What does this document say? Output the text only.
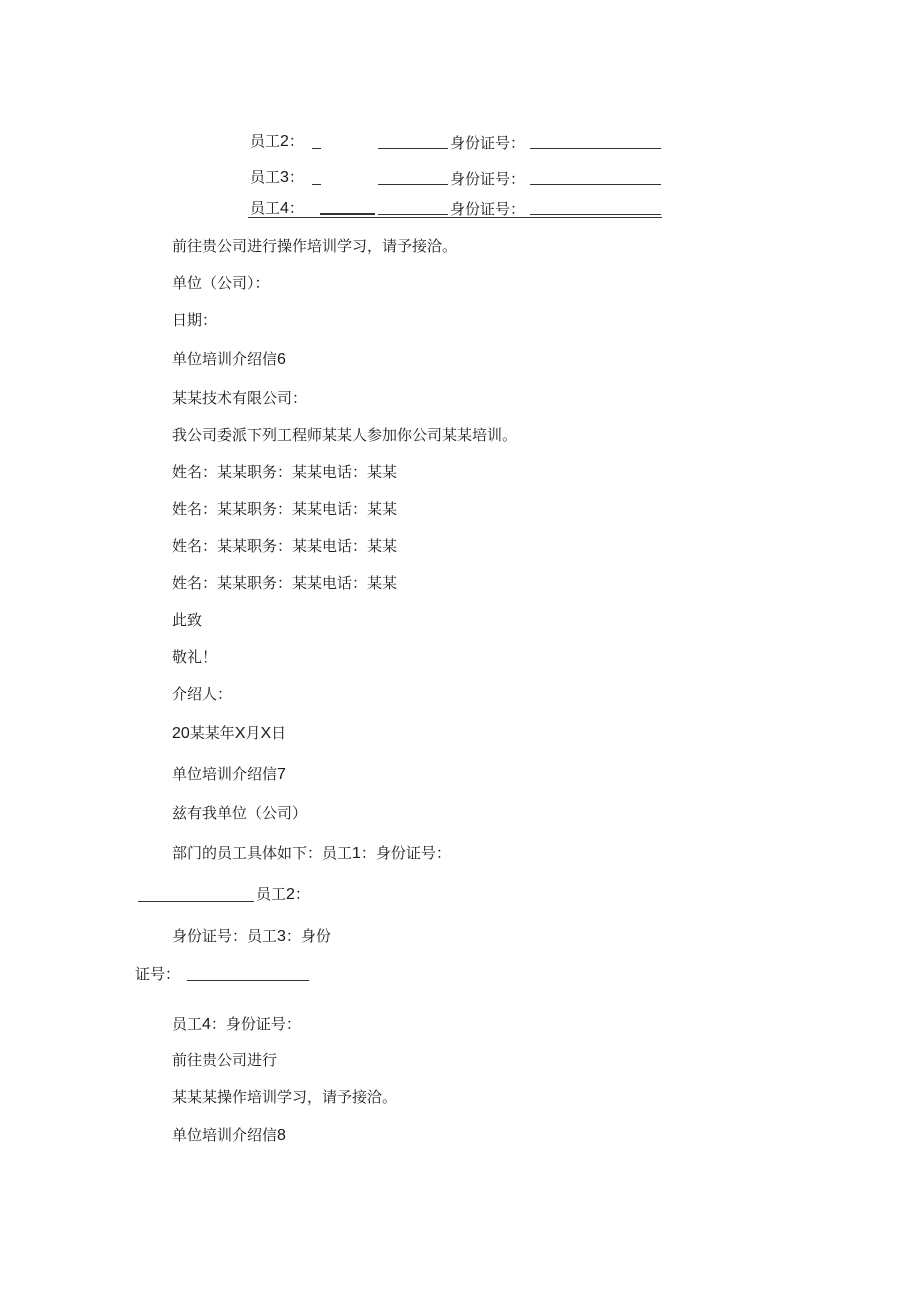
员工2：	身份证号：
员工3：	身份证号：
员工4：	身份证号：
前往贵公司进行操作培训学习，请予接洽。
单位（公司）：
日期：
单位培训介绍信6
某某技术有限公司：
我公司委派下列工程师某某人参加你公司某某培训。
姓名：某某职务：某某电话：某某
姓名：某某职务：某某电话：某某
姓名：某某职务：某某电话：某某
姓名：某某职务：某某电话：某某
此致
敬礼！
介绍人：
20某某年X月X日
单位培训介绍信7
兹有我单位（公司）
部门的员工具体如下：员工1：身份证号：
员工2：
身份证号：员工3：身份
证号：
员工4：身份证号：
前往贵公司进行
某某某操作培训学习，请予接洽。
单位培训介绍信8
